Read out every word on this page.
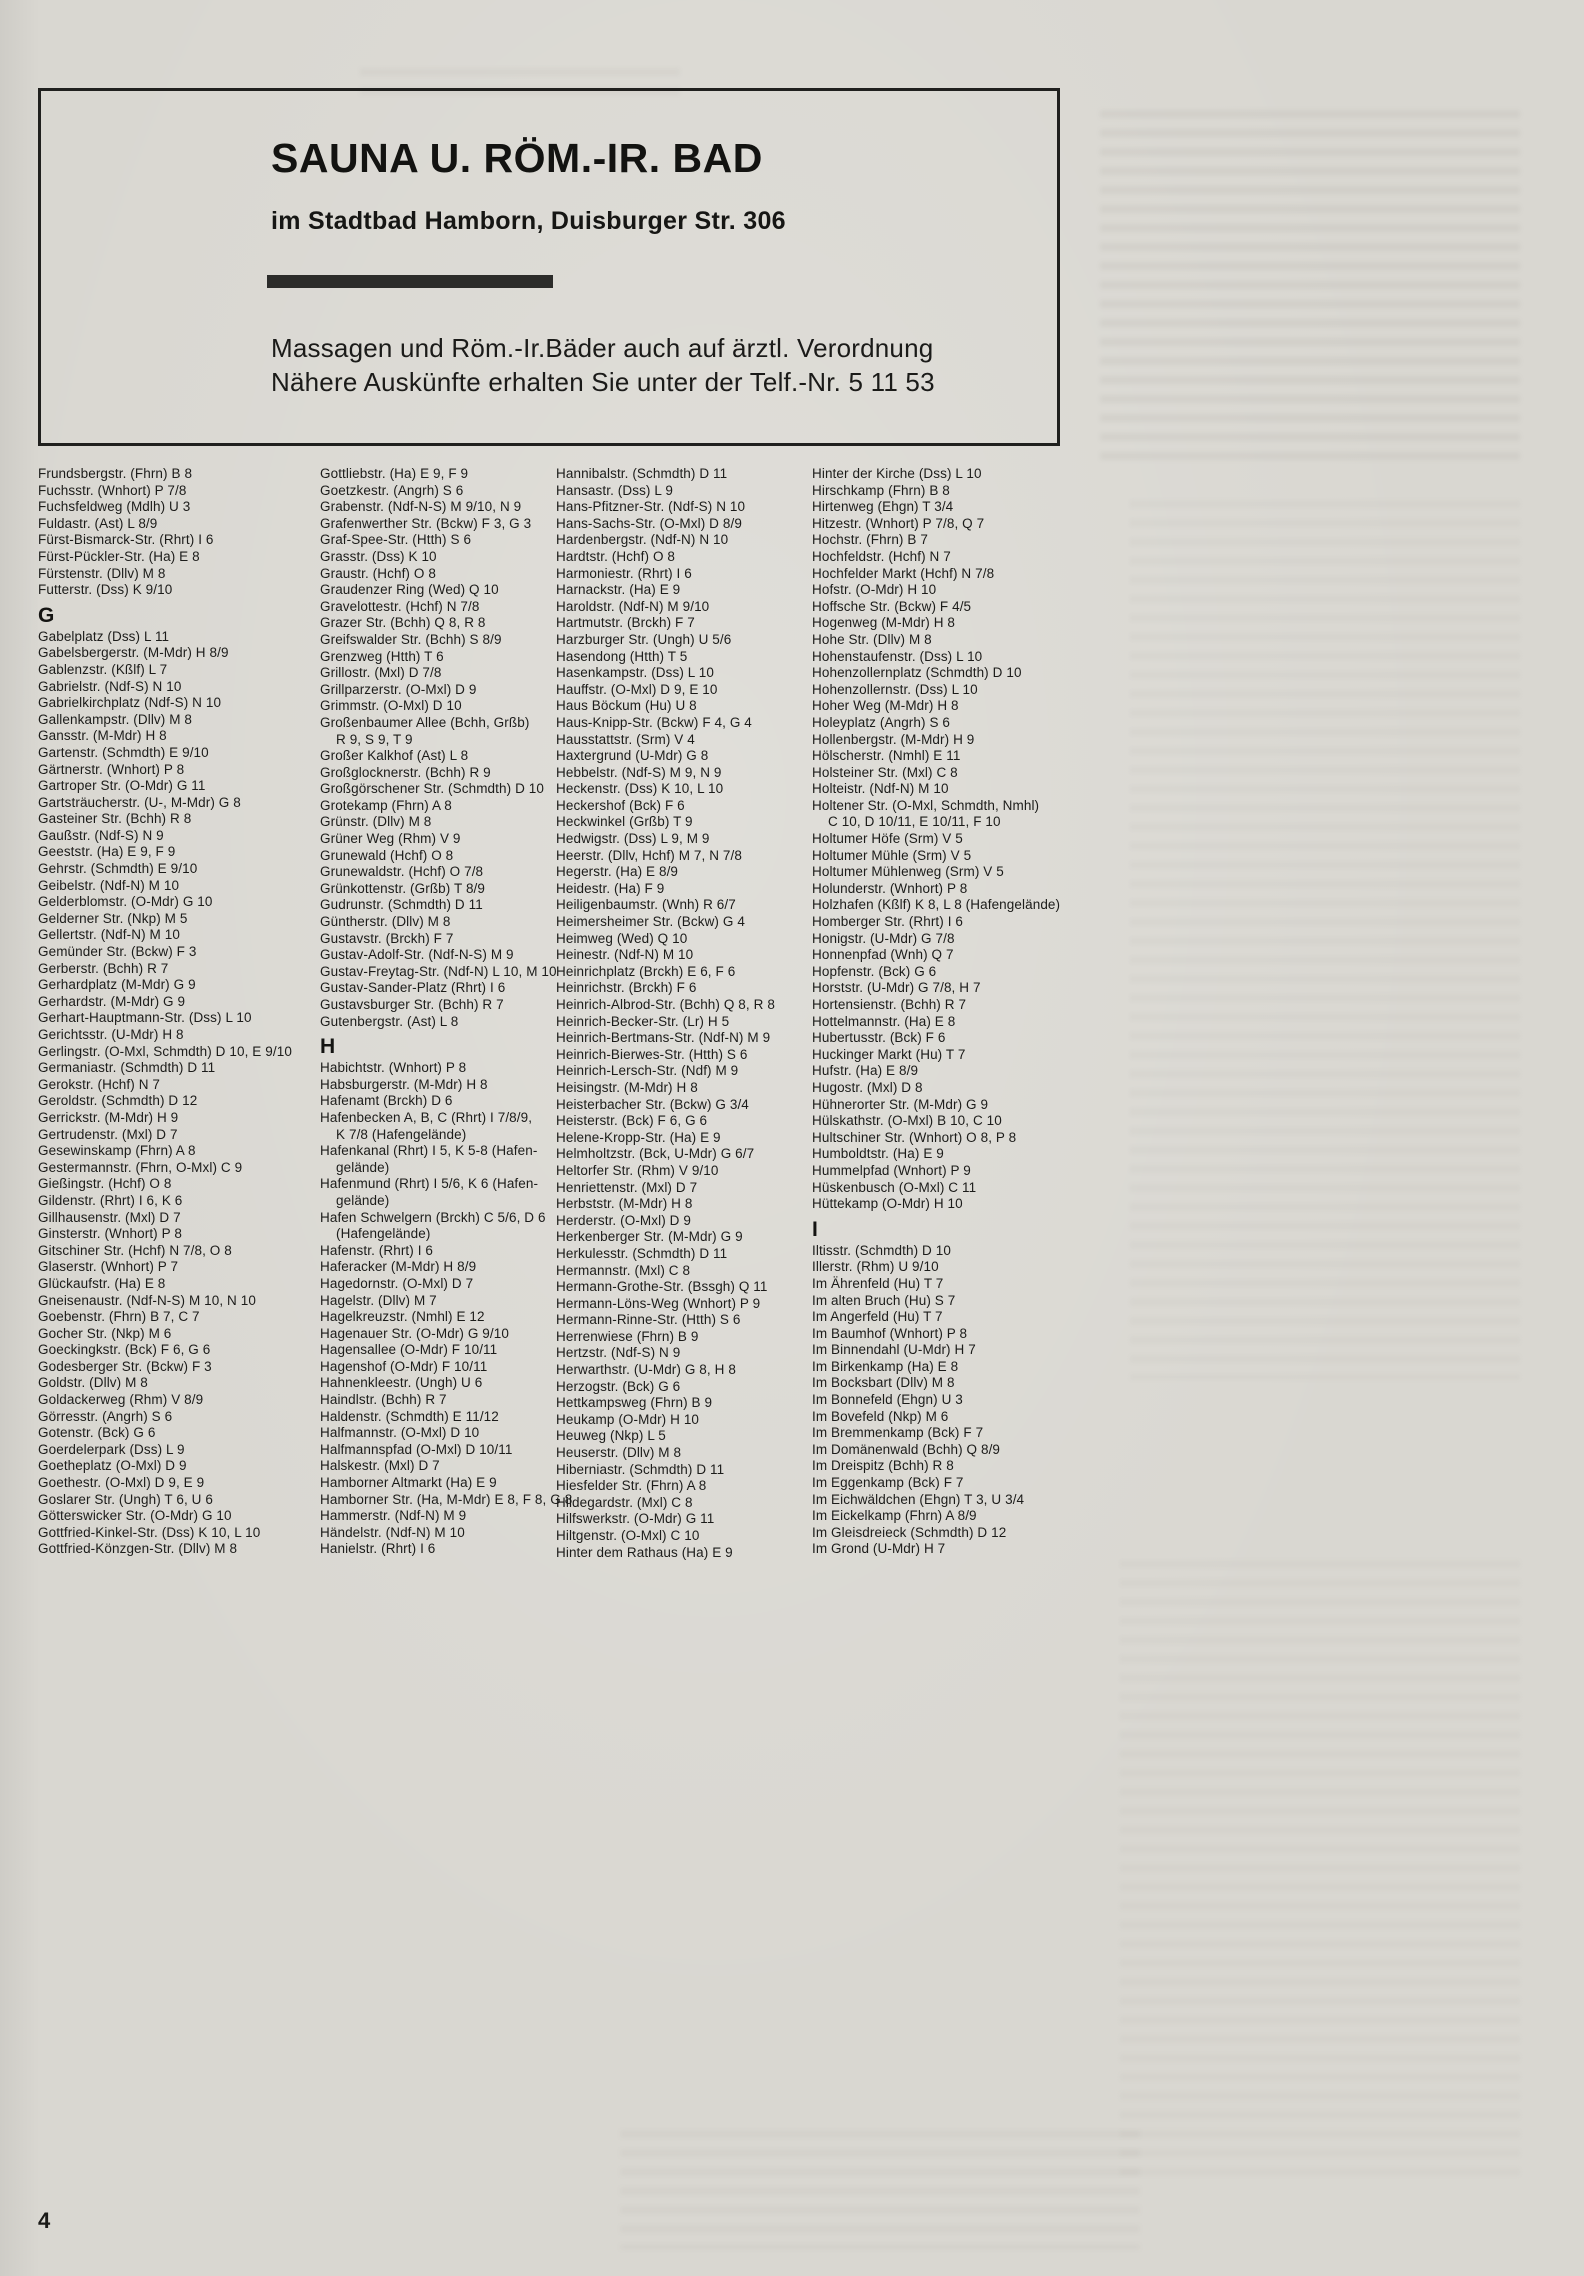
SAUNA U. RÖM.-IR. BAD
im Stadtbad Hamborn, Duisburger Str. 306
Massagen und Röm.-Ir.Bäder auch auf ärztl. Verordnung
Nähere Auskünfte erhalten Sie unter der Telf.-Nr. 5 11 53
Frundsbergstr. (Fhrn) B 8
Fuchsstr. (Wnhort) P 7/8
Fuchsfeldweg (Mdlh) U 3
Fuldastr. (Ast) L 8/9
Fürst-Bismarck-Str. (Rhrt) I 6
Fürst-Pückler-Str. (Ha) E 8
Fürstenstr. (Dllv) M 8
Futterstr. (Dss) K 9/10
G
Gabelplatz (Dss) L 11
Gabelsbergerstr. (M-Mdr) H 8/9
Gablenzstr. (Kßlf) L 7
Gabrielstr. (Ndf-S) N 10
Gabrielkirchplatz (Ndf-S) N 10
Gallenkampstr. (Dllv) M 8
Gansstr. (M-Mdr) H 8
Gartenstr. (Schmdth) E 9/10
Gärtnerstr. (Wnhort) P 8
Gartroper Str. (O-Mdr) G 11
Gartsträucherstr. (U-, M-Mdr) G 8
Gasteiner Str. (Bchh) R 8
Gaußstr. (Ndf-S) N 9
Geeststr. (Ha) E 9, F 9
Gehrstr. (Schmdth) E 9/10
Geibelstr. (Ndf-N) M 10
Gelderblomstr. (O-Mdr) G 10
Gelderner Str. (Nkp) M 5
Gellertstr. (Ndf-N) M 10
Gemünder Str. (Bckw) F 3
Gerberstr. (Bchh) R 7
Gerhardplatz (M-Mdr) G 9
Gerhardstr. (M-Mdr) G 9
Gerhart-Hauptmann-Str. (Dss) L 10
Gerichtsstr. (U-Mdr) H 8
Gerlingstr. (O-Mxl, Schmdth) D 10, E 9/10
Germaniastr. (Schmdth) D 11
Gerokstr. (Hchf) N 7
Geroldstr. (Schmdth) D 12
Gerrickstr. (M-Mdr) H 9
Gertrudenstr. (Mxl) D 7
Gesewinskamp (Fhrn) A 8
Gestermannstr. (Fhrn, O-Mxl) C 9
Gießingstr. (Hchf) O 8
Gildenstr. (Rhrt) I 6, K 6
Gillhausenstr. (Mxl) D 7
Ginsterstr. (Wnhort) P 8
Gitschiner Str. (Hchf) N 7/8, O 8
Glaserstr. (Wnhort) P 7
Glückaufstr. (Ha) E 8
Gneisenaustr. (Ndf-N-S) M 10, N 10
Goebenstr. (Fhrn) B 7, C 7
Gocher Str. (Nkp) M 6
Goeckingkstr. (Bck) F 6, G 6
Godesberger Str. (Bckw) F 3
Goldstr. (Dllv) M 8
Goldackerweg (Rhm) V 8/9
Görresstr. (Angrh) S 6
Gotenstr. (Bck) G 6
Goerdelerpark (Dss) L 9
Goetheplatz (O-Mxl) D 9
Goethestr. (O-Mxl) D 9, E 9
Goslarer Str. (Ungh) T 6, U 6
Götterswicker Str. (O-Mdr) G 10
Gottfried-Kinkel-Str. (Dss) K 10, L 10
Gottfried-Könzgen-Str. (Dllv) M 8
Gottliebstr. (Ha) E 9, F 9
Goetzkestr. (Angrh) S 6
Grabenstr. (Ndf-N-S) M 9/10, N 9
Grafenwerther Str. (Bckw) F 3, G 3
Graf-Spee-Str. (Htth) S 6
Grasstr. (Dss) K 10
Graustr. (Hchf) O 8
Graudenzer Ring (Wed) Q 10
Gravelottestr. (Hchf) N 7/8
Grazer Str. (Bchh) Q 8, R 8
Greifswalder Str. (Bchh) S 8/9
Grenzweg (Htth) T 6
Grillostr. (Mxl) D 7/8
Grillparzerstr. (O-Mxl) D 9
Grimmstr. (O-Mxl) D 10
Großenbaumer Allee (Bchh, Grßb)
R 9, S 9, T 9
Großer Kalkhof (Ast) L 8
Großglocknerstr. (Bchh) R 9
Großgörschener Str. (Schmdth) D 10
Grotekamp (Fhrn) A 8
Grünstr. (Dllv) M 8
Grüner Weg (Rhm) V 9
Grunewald (Hchf) O 8
Grunewaldstr. (Hchf) O 7/8
Grünkottenstr. (Grßb) T 8/9
Gudrunstr. (Schmdth) D 11
Güntherstr. (Dllv) M 8
Gustavstr. (Brckh) F 7
Gustav-Adolf-Str. (Ndf-N-S) M 9
Gustav-Freytag-Str. (Ndf-N) L 10, M 10
Gustav-Sander-Platz (Rhrt) I 6
Gustavsburger Str. (Bchh) R 7
Gutenbergstr. (Ast) L 8
H
Habichtstr. (Wnhort) P 8
Habsburgerstr. (M-Mdr) H 8
Hafenamt (Brckh) D 6
Hafenbecken A, B, C (Rhrt) I 7/8/9,
K 7/8 (Hafengelände)
Hafenkanal (Rhrt) I 5, K 5-8 (Hafen-
gelände)
Hafenmund (Rhrt) I 5/6, K 6 (Hafen-
gelände)
Hafen Schwelgern (Brckh) C 5/6, D 6
(Hafengelände)
Hafenstr. (Rhrt) I 6
Haferacker (M-Mdr) H 8/9
Hagedornstr. (O-Mxl) D 7
Hagelstr. (Dllv) M 7
Hagelkreuzstr. (Nmhl) E 12
Hagenauer Str. (O-Mdr) G 9/10
Hagensallee (O-Mdr) F 10/11
Hagenshof (O-Mdr) F 10/11
Hahnenkleestr. (Ungh) U 6
Haindlstr. (Bchh) R 7
Haldenstr. (Schmdth) E 11/12
Halfmannstr. (O-Mxl) D 10
Halfmannspfad (O-Mxl) D 10/11
Halskestr. (Mxl) D 7
Hamborner Altmarkt (Ha) E 9
Hamborner Str. (Ha, M-Mdr) E 8, F 8, G 8
Hammerstr. (Ndf-N) M 9
Händelstr. (Ndf-N) M 10
Hanielstr. (Rhrt) I 6
Hannibalstr. (Schmdth) D 11
Hansastr. (Dss) L 9
Hans-Pfitzner-Str. (Ndf-S) N 10
Hans-Sachs-Str. (O-Mxl) D 8/9
Hardenbergstr. (Ndf-N) N 10
Hardtstr. (Hchf) O 8
Harmoniestr. (Rhrt) I 6
Harnackstr. (Ha) E 9
Haroldstr. (Ndf-N) M 9/10
Hartmutstr. (Brckh) F 7
Harzburger Str. (Ungh) U 5/6
Hasendong (Htth) T 5
Hasenkampstr. (Dss) L 10
Hauffstr. (O-Mxl) D 9, E 10
Haus Böckum (Hu) U 8
Haus-Knipp-Str. (Bckw) F 4, G 4
Hausstattstr. (Srm) V 4
Haxtergrund (U-Mdr) G 8
Hebbelstr. (Ndf-S) M 9, N 9
Heckenstr. (Dss) K 10, L 10
Heckershof (Bck) F 6
Heckwinkel (Grßb) T 9
Hedwigstr. (Dss) L 9, M 9
Heerstr. (Dllv, Hchf) M 7, N 7/8
Hegerstr. (Ha) E 8/9
Heidestr. (Ha) F 9
Heiligenbaumstr. (Wnh) R 6/7
Heimersheimer Str. (Bckw) G 4
Heimweg (Wed) Q 10
Heinestr. (Ndf-N) M 10
Heinrichplatz (Brckh) E 6, F 6
Heinrichstr. (Brckh) F 6
Heinrich-Albrod-Str. (Bchh) Q 8, R 8
Heinrich-Becker-Str. (Lr) H 5
Heinrich-Bertmans-Str. (Ndf-N) M 9
Heinrich-Bierwes-Str. (Htth) S 6
Heinrich-Lersch-Str. (Ndf) M 9
Heisingstr. (M-Mdr) H 8
Heisterbacher Str. (Bckw) G 3/4
Heisterstr. (Bck) F 6, G 6
Helene-Kropp-Str. (Ha) E 9
Helmholtzstr. (Bck, U-Mdr) G 6/7
Heltorfer Str. (Rhm) V 9/10
Henriettenstr. (Mxl) D 7
Herbststr. (M-Mdr) H 8
Herderstr. (O-Mxl) D 9
Herkenberger Str. (M-Mdr) G 9
Herkulesstr. (Schmdth) D 11
Hermannstr. (Mxl) C 8
Hermann-Grothe-Str. (Bssgh) Q 11
Hermann-Löns-Weg (Wnhort) P 9
Hermann-Rinne-Str. (Htth) S 6
Herrenwiese (Fhrn) B 9
Hertzstr. (Ndf-S) N 9
Herwarthstr. (U-Mdr) G 8, H 8
Herzogstr. (Bck) G 6
Hettkampsweg (Fhrn) B 9
Heukamp (O-Mdr) H 10
Heuweg (Nkp) L 5
Heuserstr. (Dllv) M 8
Hiberniastr. (Schmdth) D 11
Hiesfelder Str. (Fhrn) A 8
Hildegardstr. (Mxl) C 8
Hilfswerkstr. (O-Mdr) G 11
Hiltgenstr. (O-Mxl) C 10
Hinter dem Rathaus (Ha) E 9
Hinter der Kirche (Dss) L 10
Hirschkamp (Fhrn) B 8
Hirtenweg (Ehgn) T 3/4
Hitzestr. (Wnhort) P 7/8, Q 7
Hochstr. (Fhrn) B 7
Hochfeldstr. (Hchf) N 7
Hochfelder Markt (Hchf) N 7/8
Hofstr. (O-Mdr) H 10
Hoffsche Str. (Bckw) F 4/5
Hogenweg (M-Mdr) H 8
Hohe Str. (Dllv) M 8
Hohenstaufenstr. (Dss) L 10
Hohenzollernplatz (Schmdth) D 10
Hohenzollernstr. (Dss) L 10
Hoher Weg (M-Mdr) H 8
Holeyplatz (Angrh) S 6
Hollenbergstr. (M-Mdr) H 9
Hölscherstr. (Nmhl) E 11
Holsteiner Str. (Mxl) C 8
Holteistr. (Ndf-N) M 10
Holtener Str. (O-Mxl, Schmdth, Nmhl)
C 10, D 10/11, E 10/11, F 10
Holtumer Höfe (Srm) V 5
Holtumer Mühle (Srm) V 5
Holtumer Mühlenweg (Srm) V 5
Holunderstr. (Wnhort) P 8
Holzhafen (Kßlf) K 8, L 8 (Hafengelände)
Homberger Str. (Rhrt) I 6
Honigstr. (U-Mdr) G 7/8
Honnenpfad (Wnh) Q 7
Hopfenstr. (Bck) G 6
Horststr. (U-Mdr) G 7/8, H 7
Hortensienstr. (Bchh) R 7
Hottelmannstr. (Ha) E 8
Hubertusstr. (Bck) F 6
Huckinger Markt (Hu) T 7
Hufstr. (Ha) E 8/9
Hugostr. (Mxl) D 8
Hühnerorter Str. (M-Mdr) G 9
Hülskathstr. (O-Mxl) B 10, C 10
Hultschiner Str. (Wnhort) O 8, P 8
Humboldtstr. (Ha) E 9
Hummelpfad (Wnhort) P 9
Hüskenbusch (O-Mxl) C 11
Hüttekamp (O-Mdr) H 10
I
Iltisstr. (Schmdth) D 10
Illerstr. (Rhm) U 9/10
Im Ährenfeld (Hu) T 7
Im alten Bruch (Hu) S 7
Im Angerfeld (Hu) T 7
Im Baumhof (Wnhort) P 8
Im Binnendahl (U-Mdr) H 7
Im Birkenkamp (Ha) E 8
Im Bocksbart (Dllv) M 8
Im Bonnefeld (Ehgn) U 3
Im Bovefeld (Nkp) M 6
Im Bremmenkamp (Bck) F 7
Im Domänenwald (Bchh) Q 8/9
Im Dreispitz (Bchh) R 8
Im Eggenkamp (Bck) F 7
Im Eichwäldchen (Ehgn) T 3, U 3/4
Im Eickelkamp (Fhrn) A 8/9
Im Gleisdreieck (Schmdth) D 12
Im Grond (U-Mdr) H 7
4
